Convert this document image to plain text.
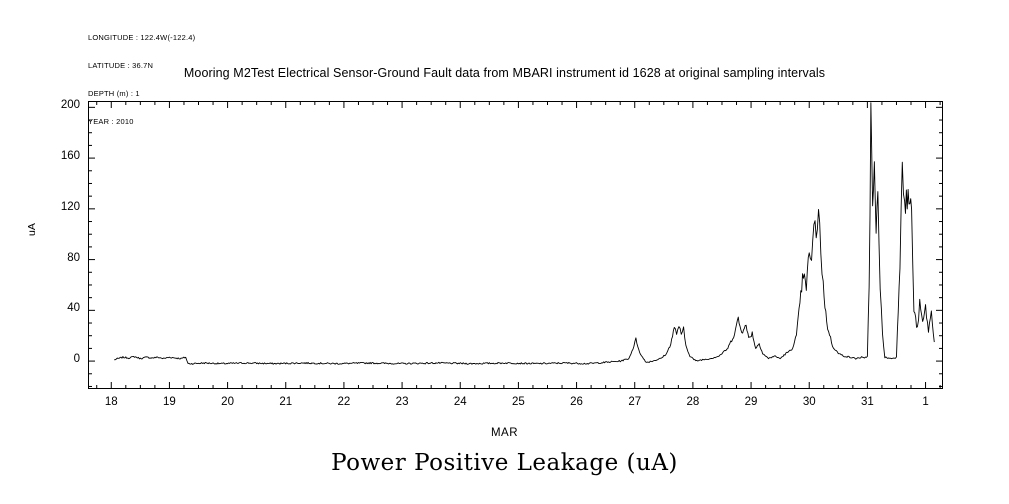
LONGITUDE : 122.4W(-122.4)

LATITUDE : 36.7N

DEPTH (m) : 1

YEAR : 2010

Mooring M2Test Electrical Sensor-Ground Fault data from MBARI instrument id 1628 at original sampling intervals
uA
0
40
80
120
160
200
18	19	20	21	22	23	24	25	26	27	28	29	30	31	1
MAR
Power Positive Leakage (uA)
